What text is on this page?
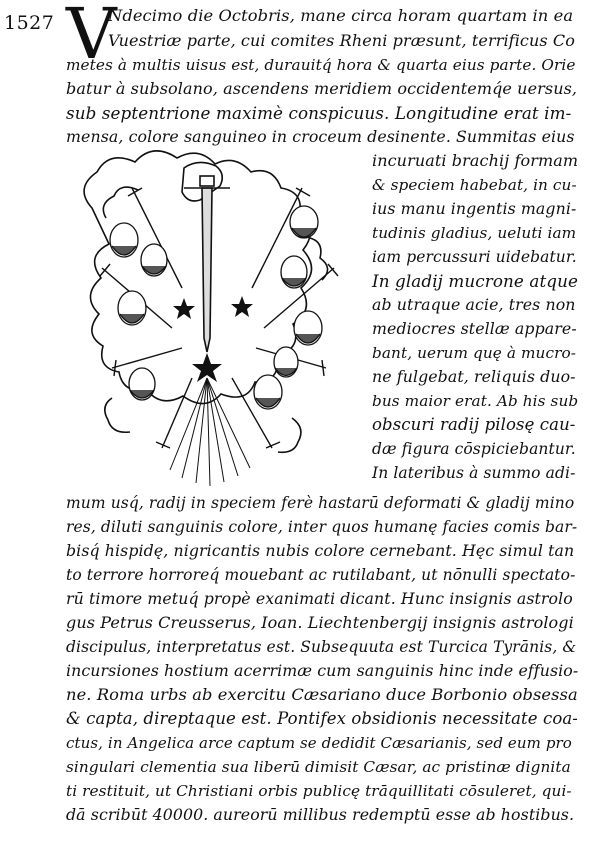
1527 V
Ndecimo die Octobris, mane circa horam quartam in ea
Vuestriæ parte, cui comites Rheni præsunt, terrificus Co
metes à multis uisus est, durauitq́ hora & quarta eius parte. Orie
batur à subsolano, ascendens meridiem occidentemq́e uersus,
sub septentrione maximè conspicuus. Longitudine erat im-
mensa, colore sanguineo in croceum desinente. Summitas eius
incuruati brachij formam
& speciem habebat, in cu-
ius manu ingentis magni-
tudinis gladius, ueluti iam
iam percussuri uidebatur.
In gladij mucrone atque
ab utraque acie, tres non
mediocres stellæ appare-
bant, uerum quę à mucro-
ne fulgebat, reliquis duo-
bus maior erat. Ab his sub
obscuri radij pilosę cau-
dæ figura cōspiciebantur.
In lateribus à summo adi-
mum usq́, radij in speciem ferè hastarū deformati & gladij mino
res, diluti sanguinis colore, inter quos humanę facies comis bar-
bisq́ hispidę, nigricantis nubis colore cernebant. Hęc simul tan
to terrore horroreq́ mouebant ac rutilabant, ut nōnulli spectato-
rū timore metuq́ propè exanimati dicant. Hunc insignis astrolo
gus Petrus Creusserus, Ioan. Liechtenbergij insignis astrologi
discipulus, interpretatus est. Subsequuta est Turcica Tyrānis, &
incursiones hostium acerrimæ cum sanguinis hinc inde effusio-
ne. Roma urbs ab exercitu Cæsariano duce Borbonio obsessa
& capta, direptaque est. Pontifex obsidionis necessitate coa-
ctus, in Angelica arce captum se dedidit Cæsarianis, sed eum pro
singulari clementia sua liberū dimisit Cæsar, ac pristinæ dignita
ti restituit, ut Christiani orbis publicę trāquillitati cōsuleret, qui-
dā scribūt 40000. aureorū millibus redemptū esse ab hostibus.
